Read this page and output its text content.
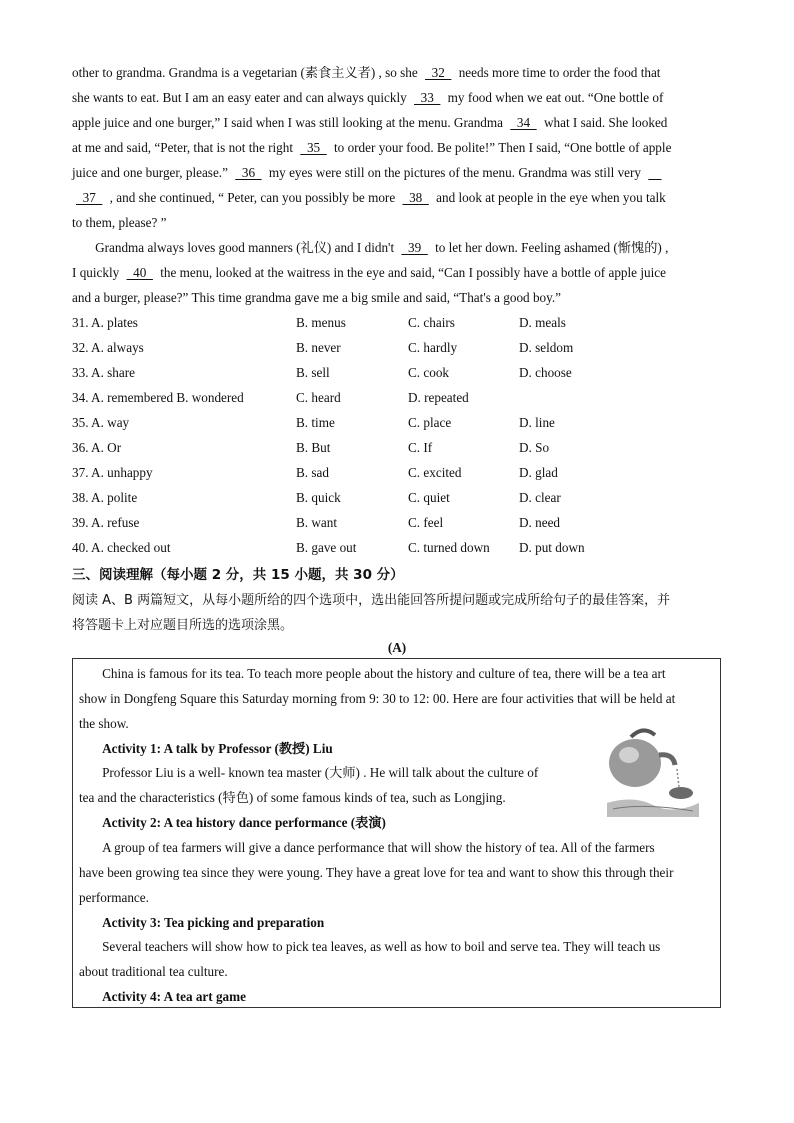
other to grandma. Grandma is a vegetarian (素食主义者) , so she   32   needs more time to order the food that
she wants to eat. But I am an easy eater and can always quickly   33   my food when we eat out. “One bottle of
apple juice and one burger,” I said when I was still looking at the menu. Grandma   34   what I said. She looked
at me and said, “Peter, that is not the right   35   to order your food. Be polite!” Then I said, “One bottle of apple
juice and one burger, please.”   36   my eyes were still on the pictures of the menu. Grandma was still very
37   , and she continued, “ Peter, can you possibly be more   38   and look at people in the eye when you talk
to them, please? ”
Grandma always loves good manners (礼仪) and I didn't   39   to let her down. Feeling ashamed (惭愧的) ,
I quickly   40   the menu, looked at the waitress in the eye and said, “Can I possibly have a bottle of apple juice
and a burger, please?” This time grandma gave me a big smile and said, “That's a good boy.”
31. A. plates	B. menus	C. chairs	D. meals
32. A. always	B. never	C. hardly	D. seldom
33. A. share	B. sell	C. cook	D. choose
34. A. remembered B. wondered	C. heard	D. repeated
35. A. way	B. time	C. place	D. line
36. A. Or	B. But	C. If	D. So
37. A. unhappy	B. sad	C. excited	D. glad
38. A. polite	B. quick	C. quiet	D. clear
39. A. refuse	B. want	C. feel	D. need
40. A. checked out	B. gave out	C. turned down D. put down
三、阅读理解（每小题 2 分，共 15 小题，共 30 分）
阅读 A、B 两篇短文，从每小题所给的四个选项中，选出能回答所提问题或完成所给句子的最佳答案，并
将答题卡上对应题目所选的选项涂黑。
(A)
China is famous for its tea. To teach more people about the history and culture of tea, there will be a tea art
show in Dongfeng Square this Saturday morning from 9: 30 to 12: 00. Here are four activities that will be held at
the show.
Activity 1: A talk by Professor (教授) Liu
Professor Liu is a well- known tea master (大师) . He will talk about the culture of
tea and the characteristics (特色) of some famous kinds of tea, such as Longjing.
Activity 2: A tea history dance performance (表演)
A group of tea farmers will give a dance performance that will show the history of tea. All of the farmers
have been growing tea since they were young. They have a great love for tea and want to show this through their
performance.
Activity 3: Tea picking and preparation
Several teachers will show how to pick tea leaves, as well as how to boil and serve tea. They will teach us
about traditional tea culture.
Activity 4: A tea art game
